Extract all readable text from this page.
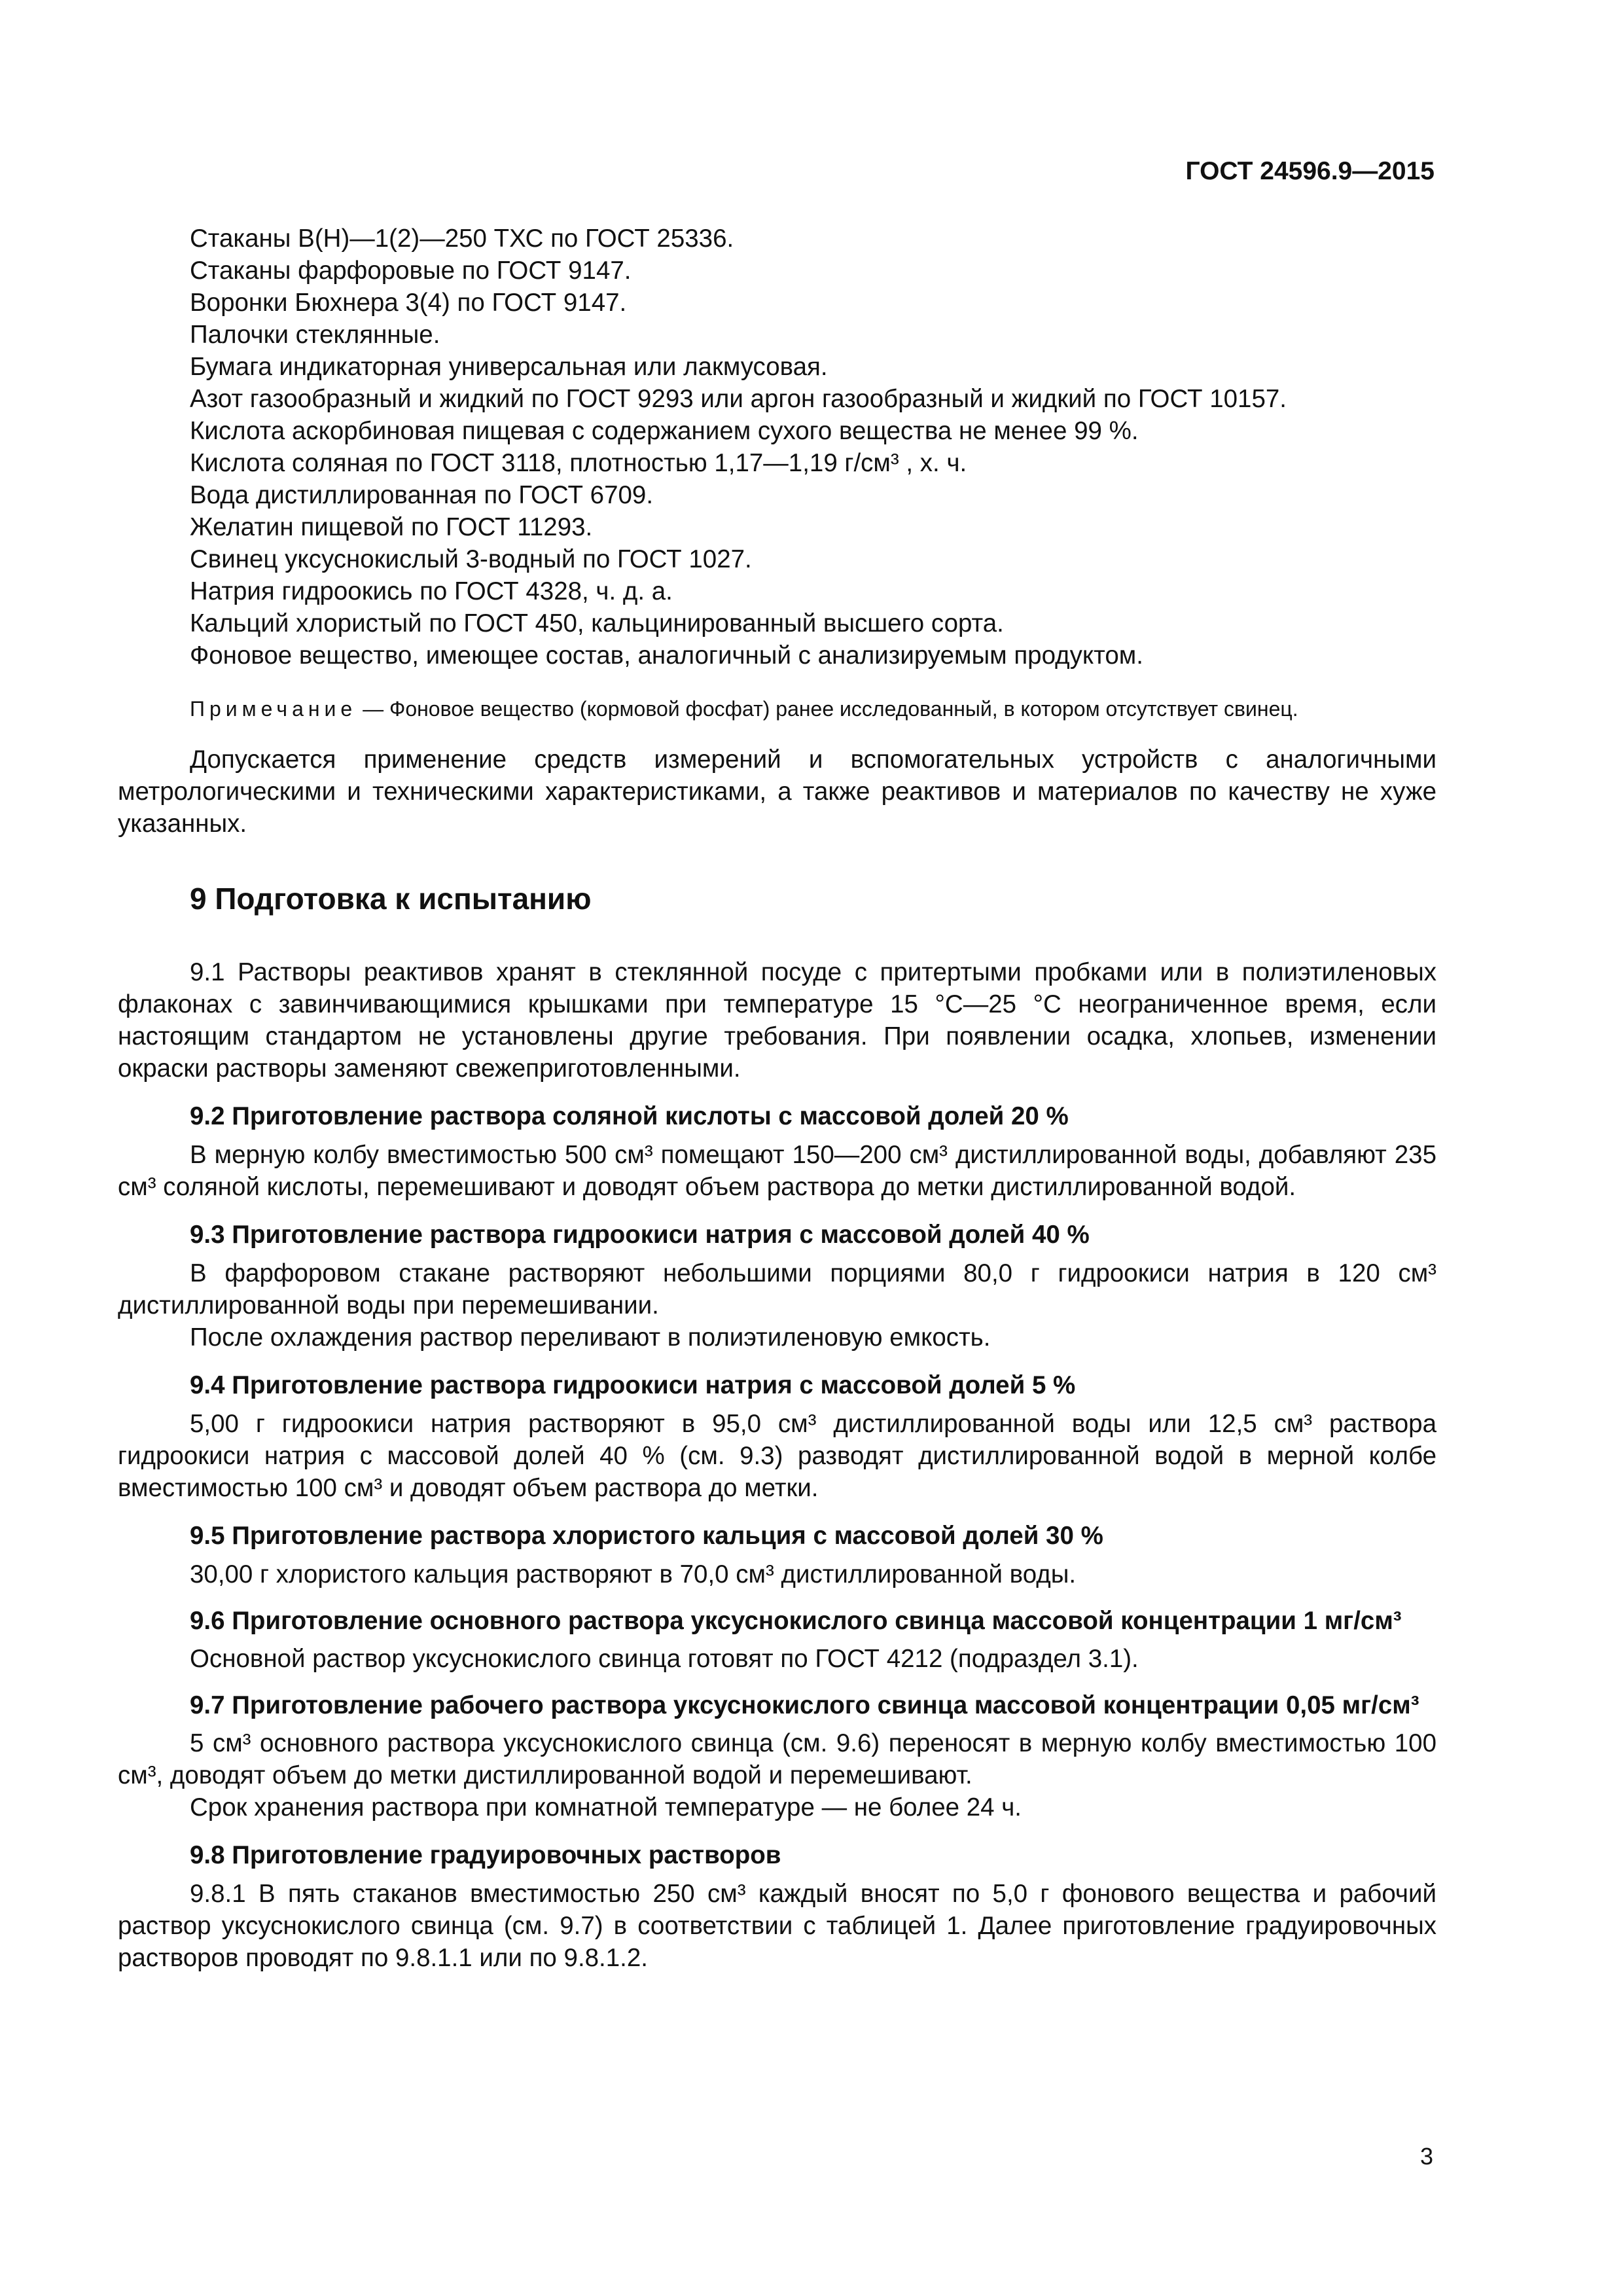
ГОСТ 24596.9—2015

Стаканы В(Н)—1(2)—250 ТХС по ГОСТ 25336.
Стаканы фарфоровые по ГОСТ 9147.
Воронки Бюхнера 3(4) по ГОСТ 9147.
Палочки стеклянные.
Бумага индикаторная универсальная или лакмусовая.
Азот газообразный и жидкий по ГОСТ 9293 или аргон газообразный и жидкий по ГОСТ 10157.
Кислота аскорбиновая пищевая с содержанием сухого вещества не менее 99 %.
Кислота соляная по ГОСТ 3118, плотностью 1,17—1,19 г/см³ , х. ч.
Вода дистиллированная по ГОСТ 6709.
Желатин пищевой по ГОСТ 11293.
Свинец уксуснокислый 3-водный по ГОСТ 1027.
Натрия гидроокись по ГОСТ 4328, ч. д. а.
Кальций хлористый по ГОСТ 450, кальцинированный высшего сорта.
Фоновое вещество, имеющее состав, аналогичный с анализируемым продуктом.

Примечание — Фоновое вещество (кормовой фосфат) ранее исследованный, в котором отсутствует свинец.

Допускается применение средств измерений и вспомогательных устройств с аналогичными метрологическими и техническими характеристиками, а также реактивов и материалов по качеству не хуже указанных.

9 Подготовка к испытанию

9.1 Растворы реактивов хранят в стеклянной посуде с притертыми пробками или в полиэтиленовых флаконах с завинчивающимися крышками при температуре 15 °С—25 °С неограниченное время, если настоящим стандартом не установлены другие требования. При появлении осадка, хлопьев, изменении окраски растворы заменяют свежеприготовленными.

9.2 Приготовление раствора соляной кислоты с массовой долей 20 %

В мерную колбу вместимостью 500 см³ помещают 150—200 см³ дистиллированной воды, добавляют 235 см³ соляной кислоты, перемешивают и доводят объем раствора до метки дистиллированной водой.

9.3 Приготовление раствора гидроокиси натрия с массовой долей 40 %

В фарфоровом стакане растворяют небольшими порциями 80,0 г гидроокиси натрия в 120 см³ дистиллированной воды при перемешивании.

После охлаждения раствор переливают в полиэтиленовую емкость.

9.4 Приготовление раствора гидроокиси натрия с массовой долей 5 %

5,00 г гидроокиси натрия растворяют в 95,0 см³ дистиллированной воды или 12,5 см³ раствора гидроокиси натрия с массовой долей 40 % (см. 9.3) разводят дистиллированной водой в мерной колбе вместимостью 100 см³ и доводят объем раствора до метки.

9.5 Приготовление раствора хлористого кальция с массовой долей 30 %

30,00 г хлористого кальция растворяют в 70,0 см³ дистиллированной воды.

9.6 Приготовление основного раствора уксуснокислого свинца массовой концентрации 1 мг/см³

Основной раствор уксуснокислого свинца готовят по ГОСТ 4212 (подраздел 3.1).

9.7 Приготовление рабочего раствора уксуснокислого свинца массовой концентрации 0,05 мг/см³

5 см³ основного раствора уксуснокислого свинца (см. 9.6) переносят в мерную колбу вместимостью 100 см³, доводят объем до метки дистиллированной водой и перемешивают.

Срок хранения раствора при комнатной температуре — не более 24 ч.

9.8 Приготовление градуировочных растворов

9.8.1 В пять стаканов вместимостью 250 см³ каждый вносят по 5,0 г фонового вещества и рабочий раствор уксуснокислого свинца (см. 9.7) в соответствии с таблицей 1. Далее приготовление градуировочных растворов проводят по 9.8.1.1 или по 9.8.1.2.

3
